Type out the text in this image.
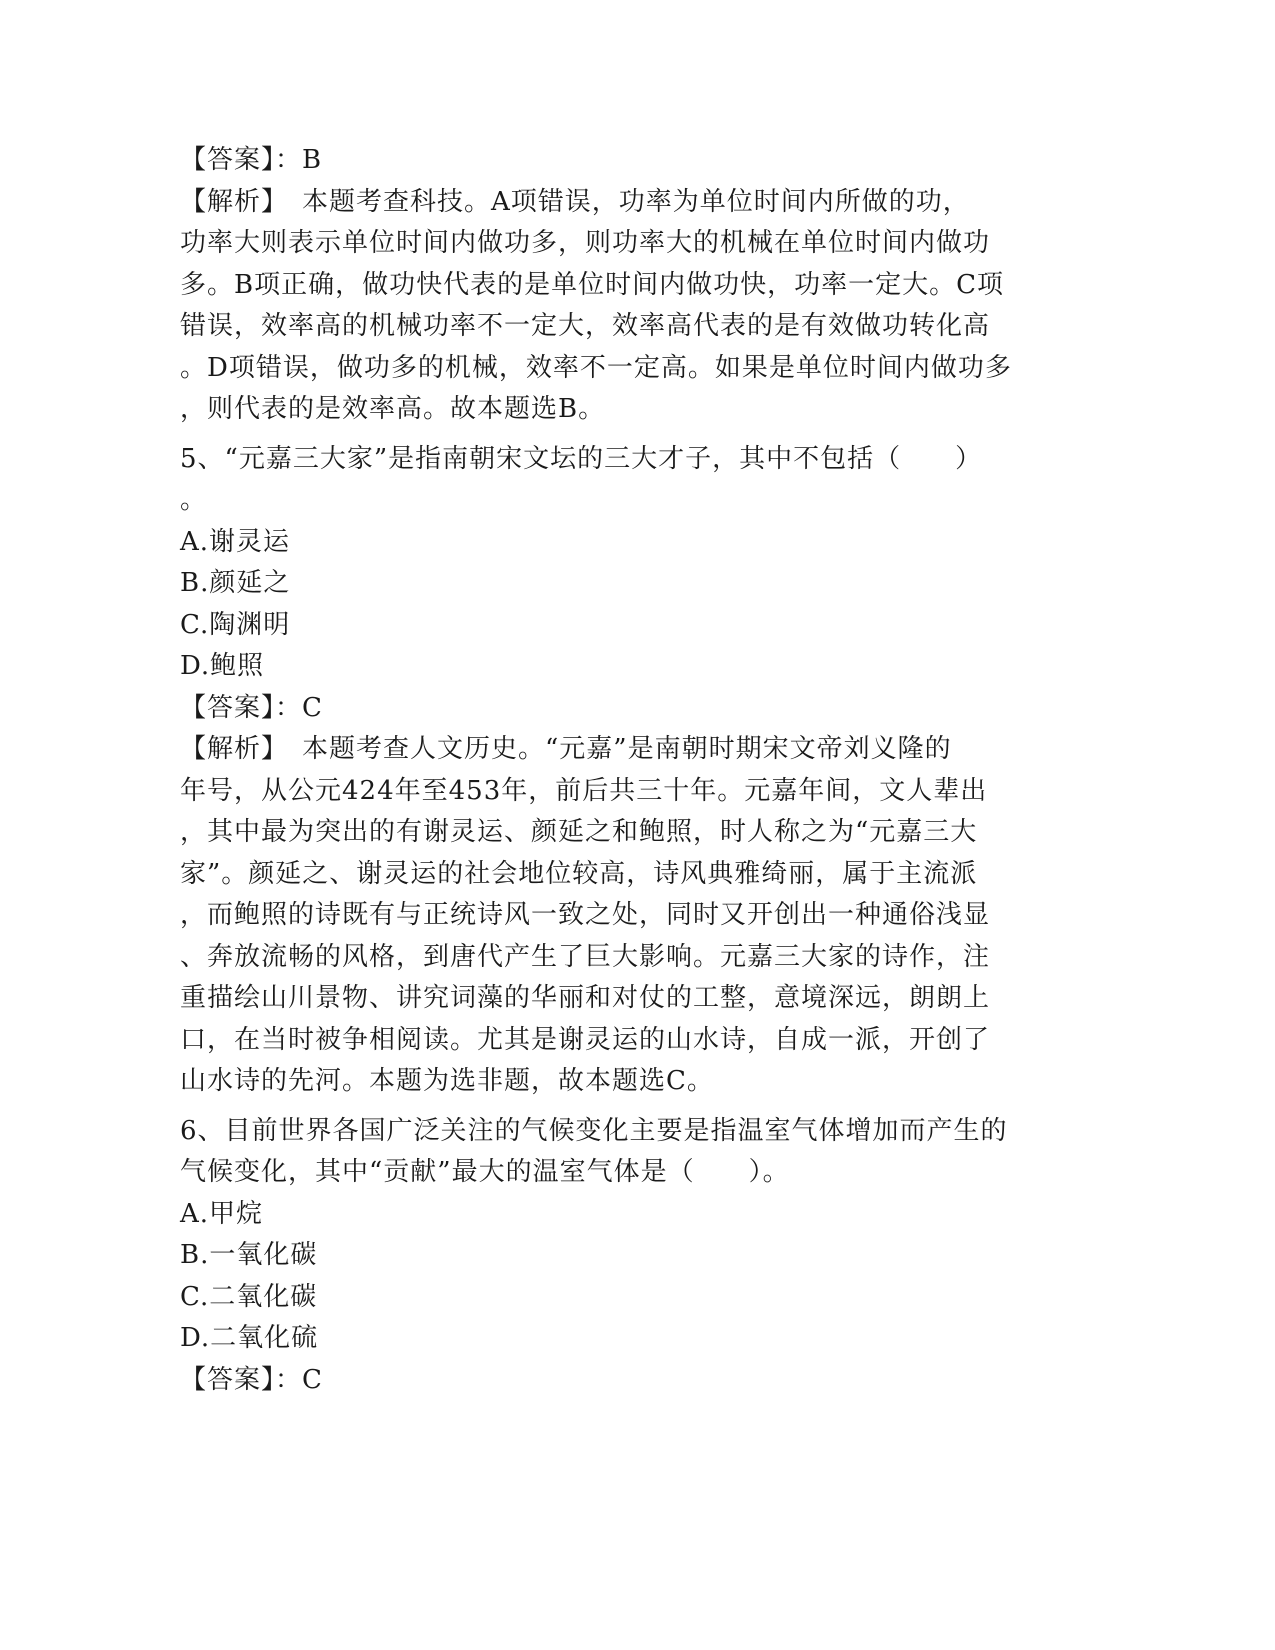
【答案】：B
【解析】　本题考查科技。A项错误，功率为单位时间内所做的功，
功率大则表示单位时间内做功多，则功率大的机械在单位时间内做功
多。B项正确，做功快代表的是单位时间内做功快，功率一定大。C项
错误，效率高的机械功率不一定大，效率高代表的是有效做功转化高
。D项错误，做功多的机械，效率不一定高。如果是单位时间内做功多
，则代表的是效率高。故本题选B。
5、“元嘉三大家”是指南朝宋文坛的三大才子，其中不包括（　　）
。
A.谢灵运
B.颜延之
C.陶渊明
D.鲍照
【答案】：C
【解析】　本题考查人文历史。“元嘉”是南朝时期宋文帝刘义隆的
年号，从公元424年至453年，前后共三十年。元嘉年间，文人辈出
，其中最为突出的有谢灵运、颜延之和鲍照，时人称之为“元嘉三大
家”。颜延之、谢灵运的社会地位较高，诗风典雅绮丽，属于主流派
，而鲍照的诗既有与正统诗风一致之处，同时又开创出一种通俗浅显
、奔放流畅的风格，到唐代产生了巨大影响。元嘉三大家的诗作，注
重描绘山川景物、讲究词藻的华丽和对仗的工整，意境深远，朗朗上
口，在当时被争相阅读。尤其是谢灵运的山水诗，自成一派，开创了
山水诗的先河。本题为选非题，故本题选C。
6、目前世界各国广泛关注的气候变化主要是指温室气体增加而产生的
气候变化，其中“贡献”最大的温室气体是（　　）。
A.甲烷
B.一氧化碳
C.二氧化碳
D.二氧化硫
【答案】：C
